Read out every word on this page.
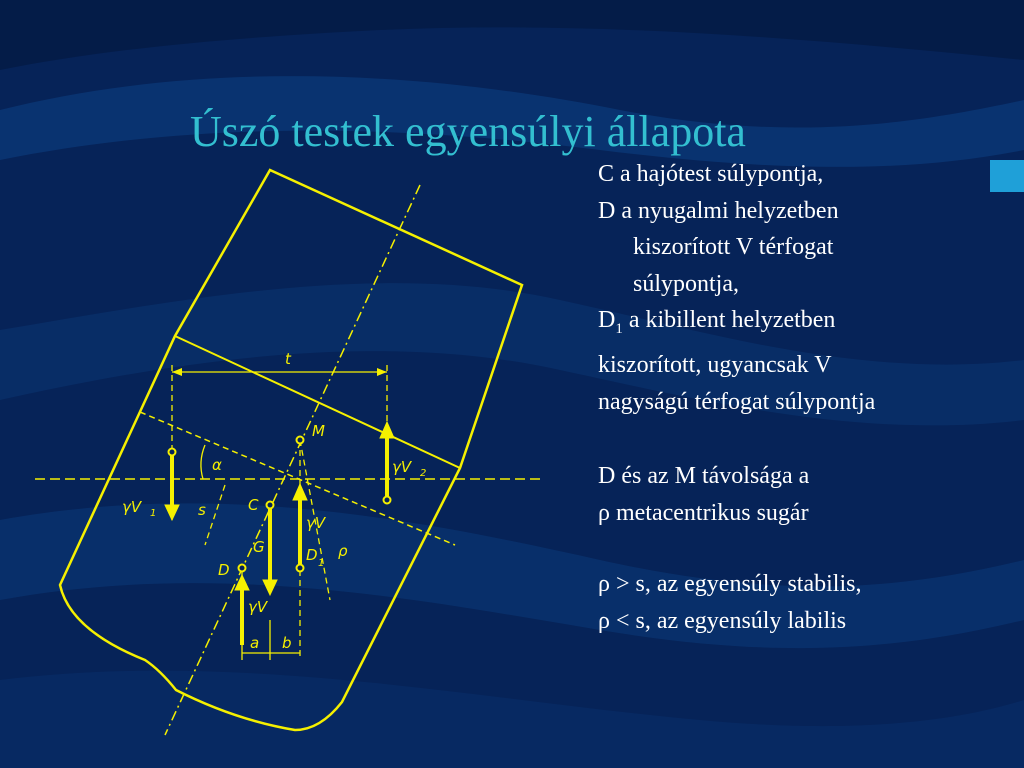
Úszó testek egyensúlyi állapota
t
M
α	γV 2
γV 1	s	C
G
γV
D 1
ρ
D
γV
a b

C a hajótest súlypontja,

D a nyugalmi helyzetben

kiszorított V térfogat

súlypontja,

$D_1$ a kibillent helyzetben

kiszorított, ugyancsak V

nagyságú térfogat súlypontja

D és az M távolsága a

ρ metacentrikus sugár

ρ > s, az egyensúly stabilis,

ρ < s, az egyensúly labilis
